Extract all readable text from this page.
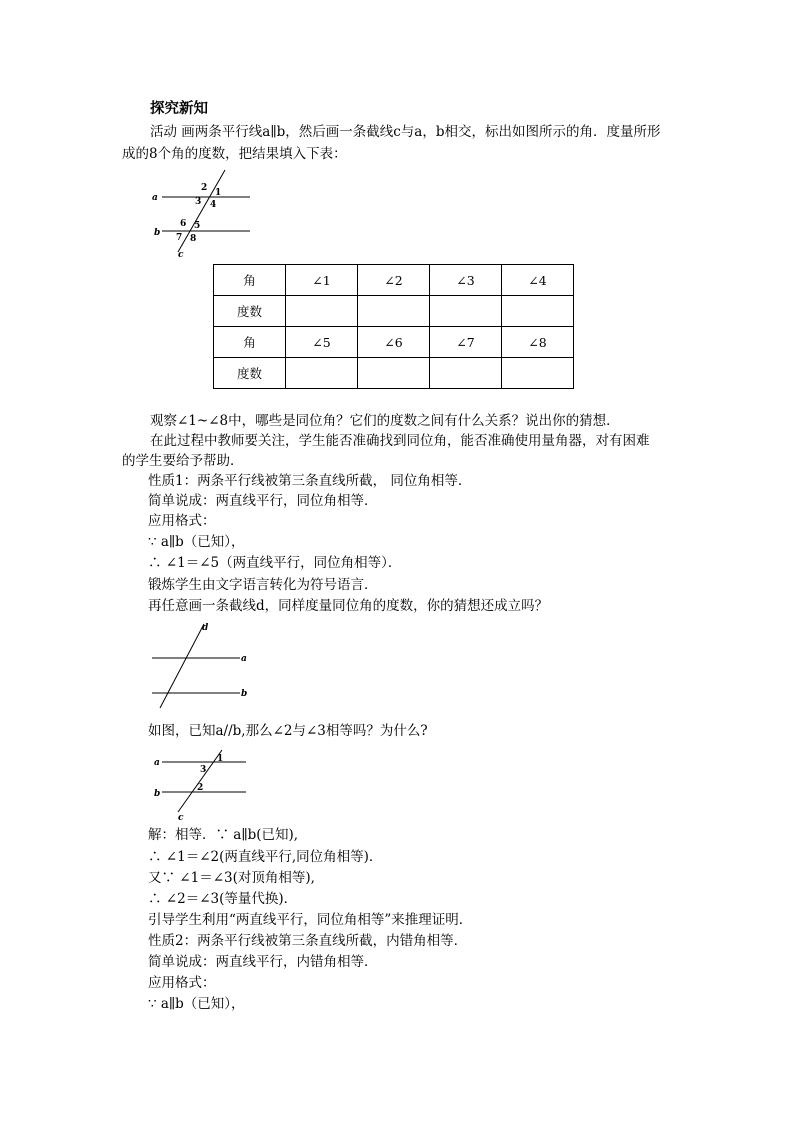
探究新知
活动 画两条平行线a∥b，然后画一条截线c与a，b相交，标出如图所示的角．度量所形
成的8个角的度数，把结果填入下表：
a
b
c
2 1
3 4
6 5
7 8
角	∠1	∠2	∠3	∠4
度数				
角	∠5	∠6	∠7	∠8
度数				
观察∠1~∠8中，哪些是同位角？它们的度数之间有什么关系？说出你的猜想．
在此过程中教师要关注，学生能否准确找到同位角，能否准确使用量角器，对有困难
的学生要给予帮助．
性质1：两条平行线被第三条直线所截， 同位角相等．
简单说成：两直线平行，同位角相等．
应用格式：
∵ a∥b（已知），
∴ ∠1＝∠5（两直线平行，同位角相等）．
锻炼学生由文字语言转化为符号语言．
再任意画一条截线d，同样度量同位角的度数，你的猜想还成立吗？
d
a
b
如图，已知a//b,那么∠2与∠3相等吗？为什么?
a
b
c
1
3
2
解：相等．∵ a∥b(已知),
∴ ∠1＝∠2(两直线平行,同位角相等)．
又∵ ∠1＝∠3(对顶角相等),
∴ ∠2＝∠3(等量代换)．
引导学生利用“两直线平行，同位角相等”来推理证明．
性质2：两条平行线被第三条直线所截，内错角相等．
简单说成：两直线平行，内错角相等．
应用格式：
∵ a∥b（已知），
